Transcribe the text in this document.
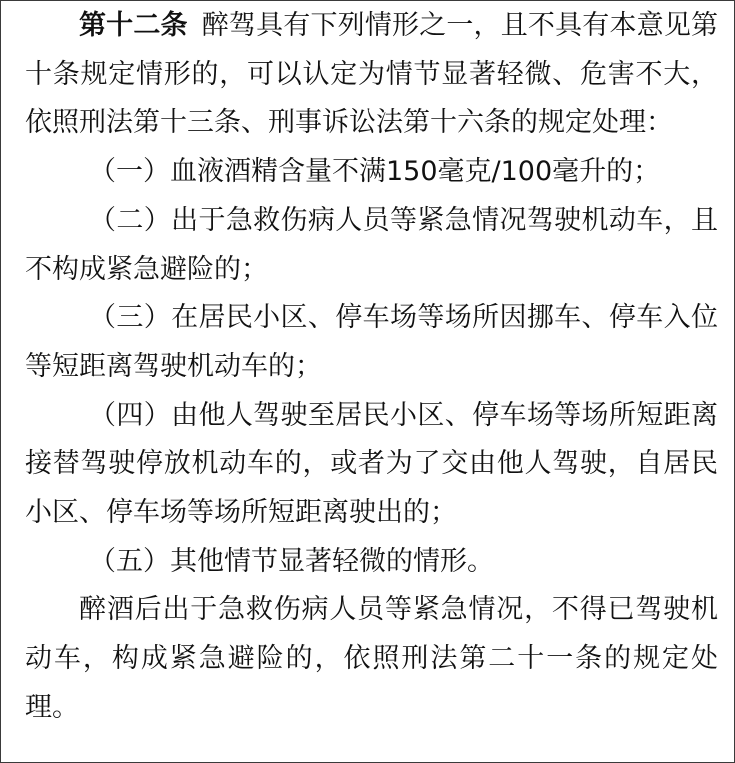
第十二条 醉驾具有下列情形之一，且不具有本意见第十条规定情形的，可以认定为情节显著轻微、危害不大，依照刑法第十三条、刑事诉讼法第十六条的规定处理：

（一）血液酒精含量不满150毫克/100毫升的；

（二）出于急救伤病人员等紧急情况驾驶机动车，且不构成紧急避险的；

（三）在居民小区、停车场等场所因挪车、停车入位等短距离驾驶机动车的；

（四）由他人驾驶至居民小区、停车场等场所短距离接替驾驶停放机动车的，或者为了交由他人驾驶，自居民小区、停车场等场所短距离驶出的；

（五）其他情节显著轻微的情形。

醉酒后出于急救伤病人员等紧急情况，不得已驾驶机动车，构成紧急避险的，依照刑法第二十一条的规定处理。
